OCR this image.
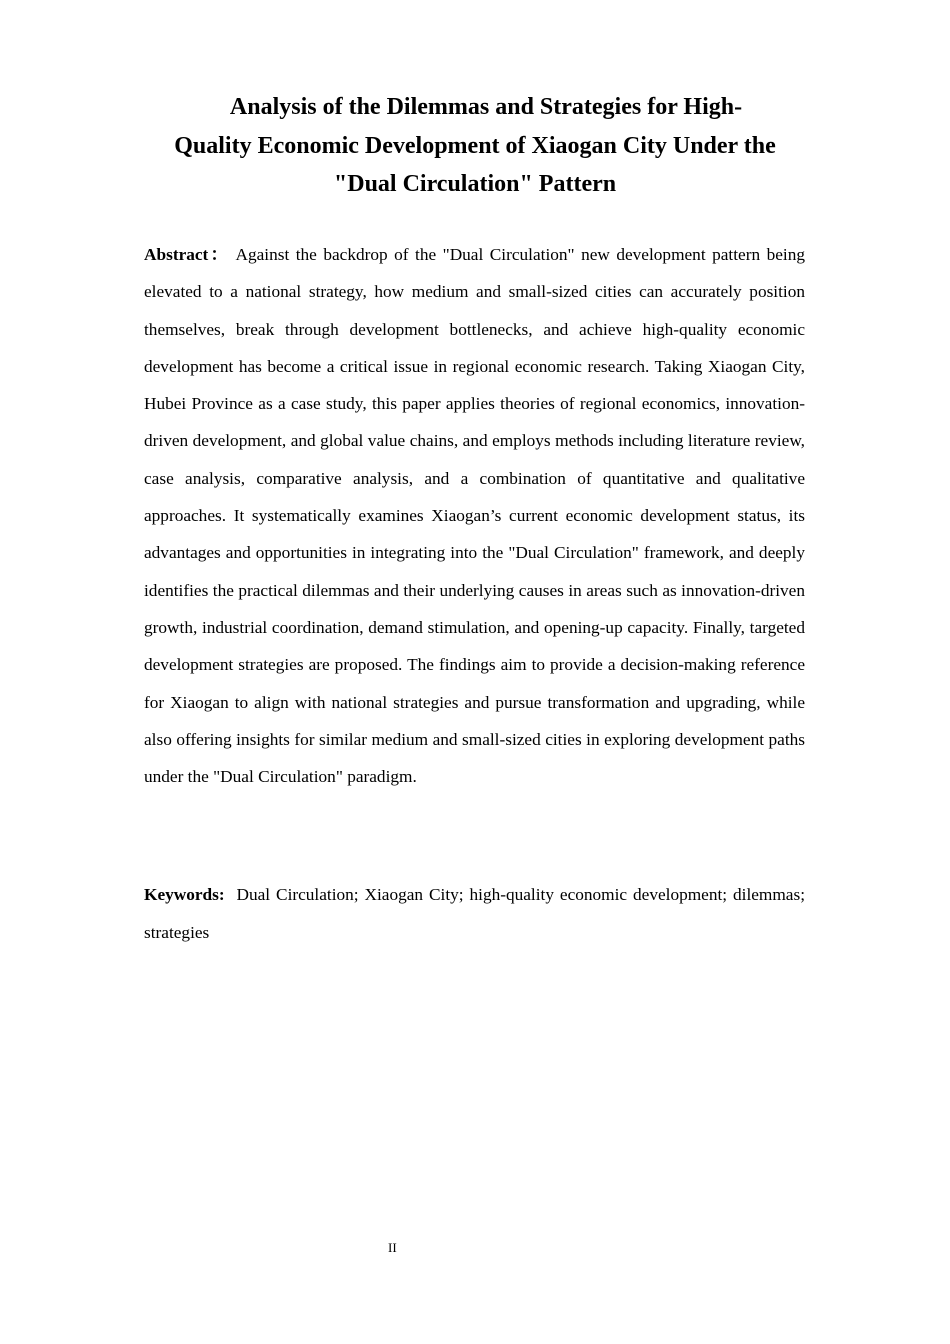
Analysis of the Dilemmas and Strategies for High-
Quality Economic Development of Xiaogan City Under the
"Dual Circulation" Pattern

Abstract： Against the backdrop of the "Dual Circulation" new development pattern being elevated to a national strategy, how medium and small-sized cities can accurately position themselves, break through development bottlenecks, and achieve high-quality economic development has become a critical issue in regional economic research. Taking Xiaogan City, Hubei Province as a case study, this paper applies theories of regional economics, innovation-driven development, and global value chains, and employs methods including literature review, case analysis, comparative analysis, and a combination of quantitative and qualitative approaches. It systematically examines Xiaogan’s current economic development status, its advantages and opportunities in integrating into the "Dual Circulation" framework, and deeply identifies the practical dilemmas and their underlying causes in areas such as innovation-driven growth, industrial coordination, demand stimulation, and opening-up capacity. Finally, targeted development strategies are proposed. The findings aim to provide a decision-making reference for Xiaogan to align with national strategies and pursue transformation and upgrading, while also offering insights for similar medium and small-sized cities in exploring development paths under the "Dual Circulation" paradigm.

Keywords: Dual Circulation; Xiaogan City; high-quality economic development; dilemmas; strategies

II
